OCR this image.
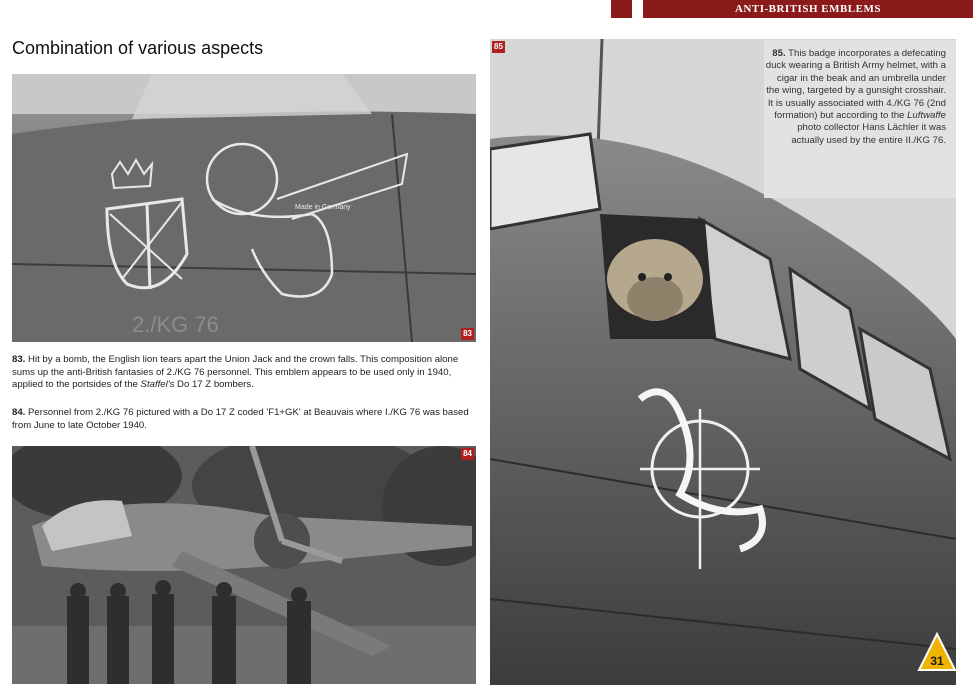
ANTI-BRITISH EMBLEMS
Combination of various aspects
Made in Germany
2./KG 76	83
83. Hit by a bomb, the English lion tears apart the Union Jack and the crown falls. This composition alone sums up the anti-British fantasies of 2./KG 76 personnel. This emblem appears to be used only in 1940, applied to the portsides of the Staffel's Do 17 Z bombers.
84. Personnel from 2./KG 76 pictured with a Do 17 Z coded 'F1+GK' at Beauvais where I./KG 76 was based from June to late October 1940.
84
85
85. This badge incorporates a defecating duck wearing a British Army helmet, with a cigar in the beak and an umbrella under the wing, targeted by a gunsight crosshair. It is usually associated with 4./KG 76 (2nd formation) but according to the Luftwaffe photo collector Hans Lächler it was actually used by the entire II./KG 76.
31
